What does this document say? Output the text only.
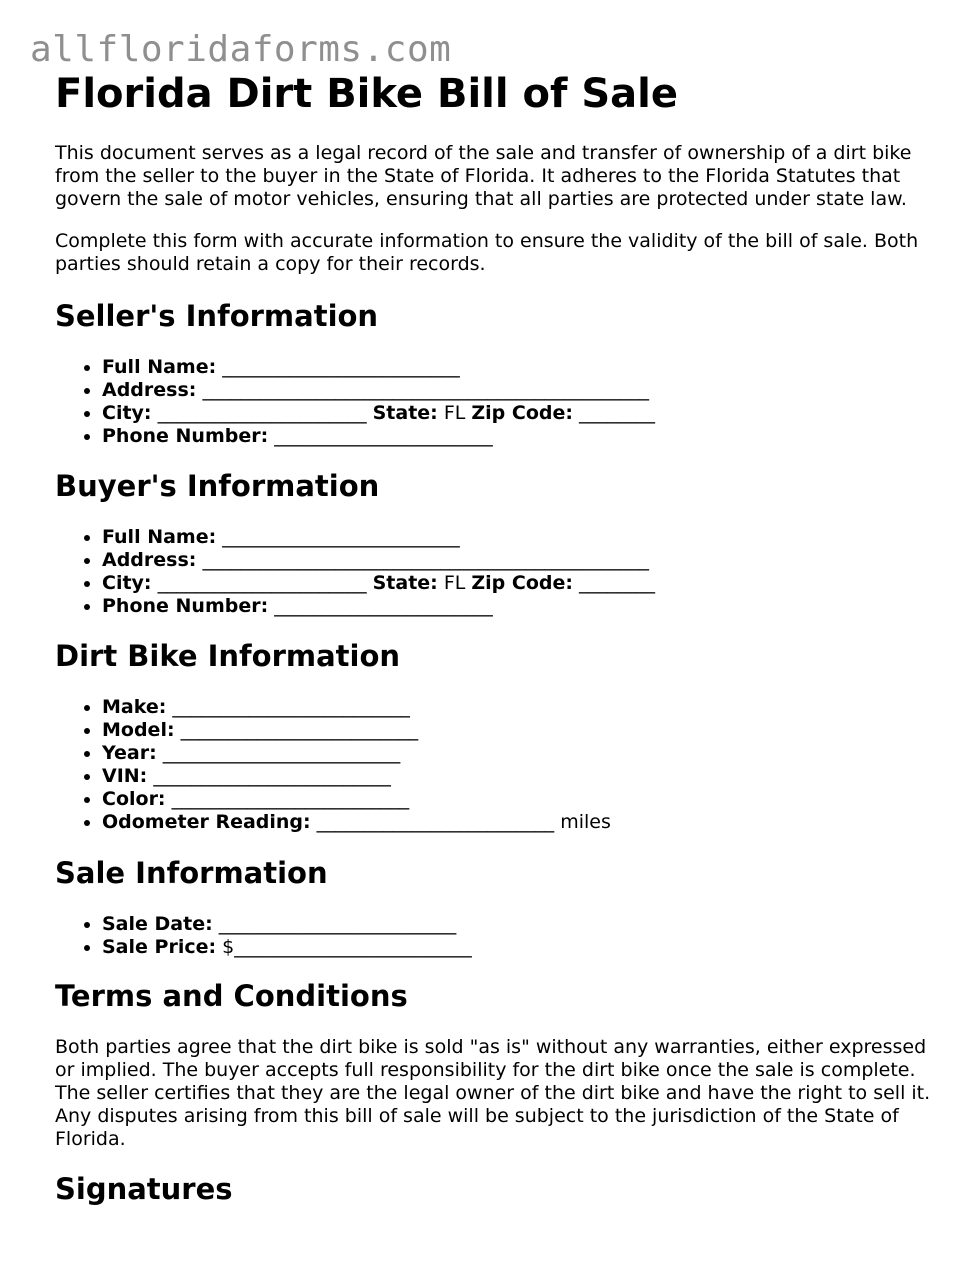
allfloridaforms.com
Florida Dirt Bike Bill of Sale

This document serves as a legal record of the sale and transfer of ownership of a dirt bike from the seller to the buyer in the State of Florida. It adheres to the Florida Statutes that govern the sale of motor vehicles, ensuring that all parties are protected under state law.

Complete this form with accurate information to ensure the validity of the bill of sale. Both parties should retain a copy for their records.

Seller's Information
• Full Name: _________________________
• Address: _______________________________________________
• City: ______________________ State: FL Zip Code: ________
• Phone Number: _______________________
Buyer's Information
• Full Name: _________________________
• Address: _______________________________________________
• City: ______________________ State: FL Zip Code: ________
• Phone Number: _______________________
Dirt Bike Information
• Make: _________________________
• Model: _________________________
• Year: _________________________
• VIN: _________________________
• Color: _________________________
• Odometer Reading: _________________________ miles
Sale Information
• Sale Date: _________________________
• Sale Price: $_________________________
Terms and Conditions

Both parties agree that the dirt bike is sold "as is" without any warranties, either expressed or implied. The buyer accepts full responsibility for the dirt bike once the sale is complete. The seller certifies that they are the legal owner of the dirt bike and have the right to sell it. Any disputes arising from this bill of sale will be subject to the jurisdiction of the State of Florida.

Signatures
